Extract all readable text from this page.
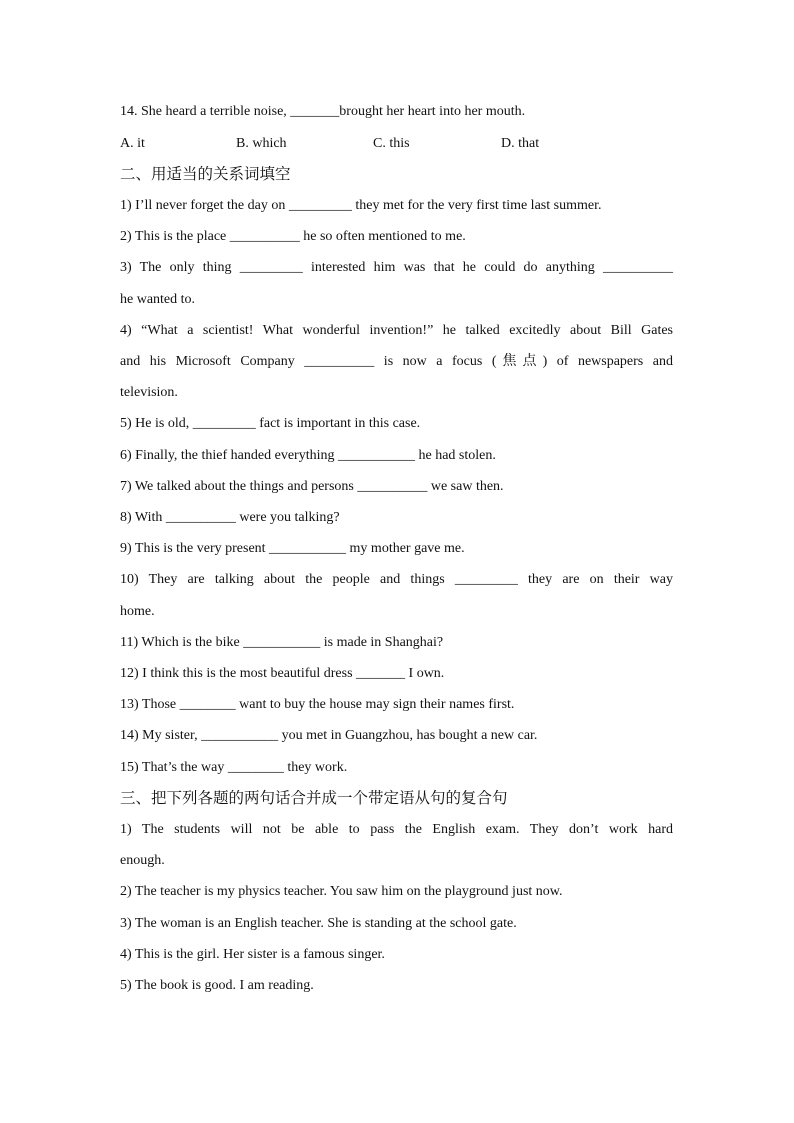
14. She heard a terrible noise, _______brought her heart into her mouth.
A. it	B. which	C. this	D. that
二、用适当的关系词填空
1) I’ll never forget the day on _________ they met for the very first time last summer.
2) This is the place __________ he so often mentioned to me.
3) The only thing _________ interested him was that he could do anything __________
he wanted to.
4) “What a scientist! What wonderful invention!” he talked excitedly about Bill Gates
and his Microsoft Company __________ is now a focus (焦点) of newspapers and
television.
5) He is old, _________ fact is important in this case.
6) Finally, the thief handed everything ___________ he had stolen.
7) We talked about the things and persons __________ we saw then.
8) With __________ were you talking?
9) This is the very present ___________ my mother gave me.
10) They are talking about the people and things _________ they are on their way
home.
11) Which is the bike ___________ is made in Shanghai?
12) I think this is the most beautiful dress _______ I own.
13) Those ________ want to buy the house may sign their names first.
14) My sister, ___________ you met in Guangzhou, has bought a new car.
15) That’s the way ________ they work.
三、把下列各题的两句话合并成一个带定语从句的复合句
1) The students will not be able to pass the English exam. They don’t work hard
enough.
2) The teacher is my physics teacher. You saw him on the playground just now.
3) The woman is an English teacher. She is standing at the school gate.
4) This is the girl. Her sister is a famous singer.
5) The book is good. I am reading.
